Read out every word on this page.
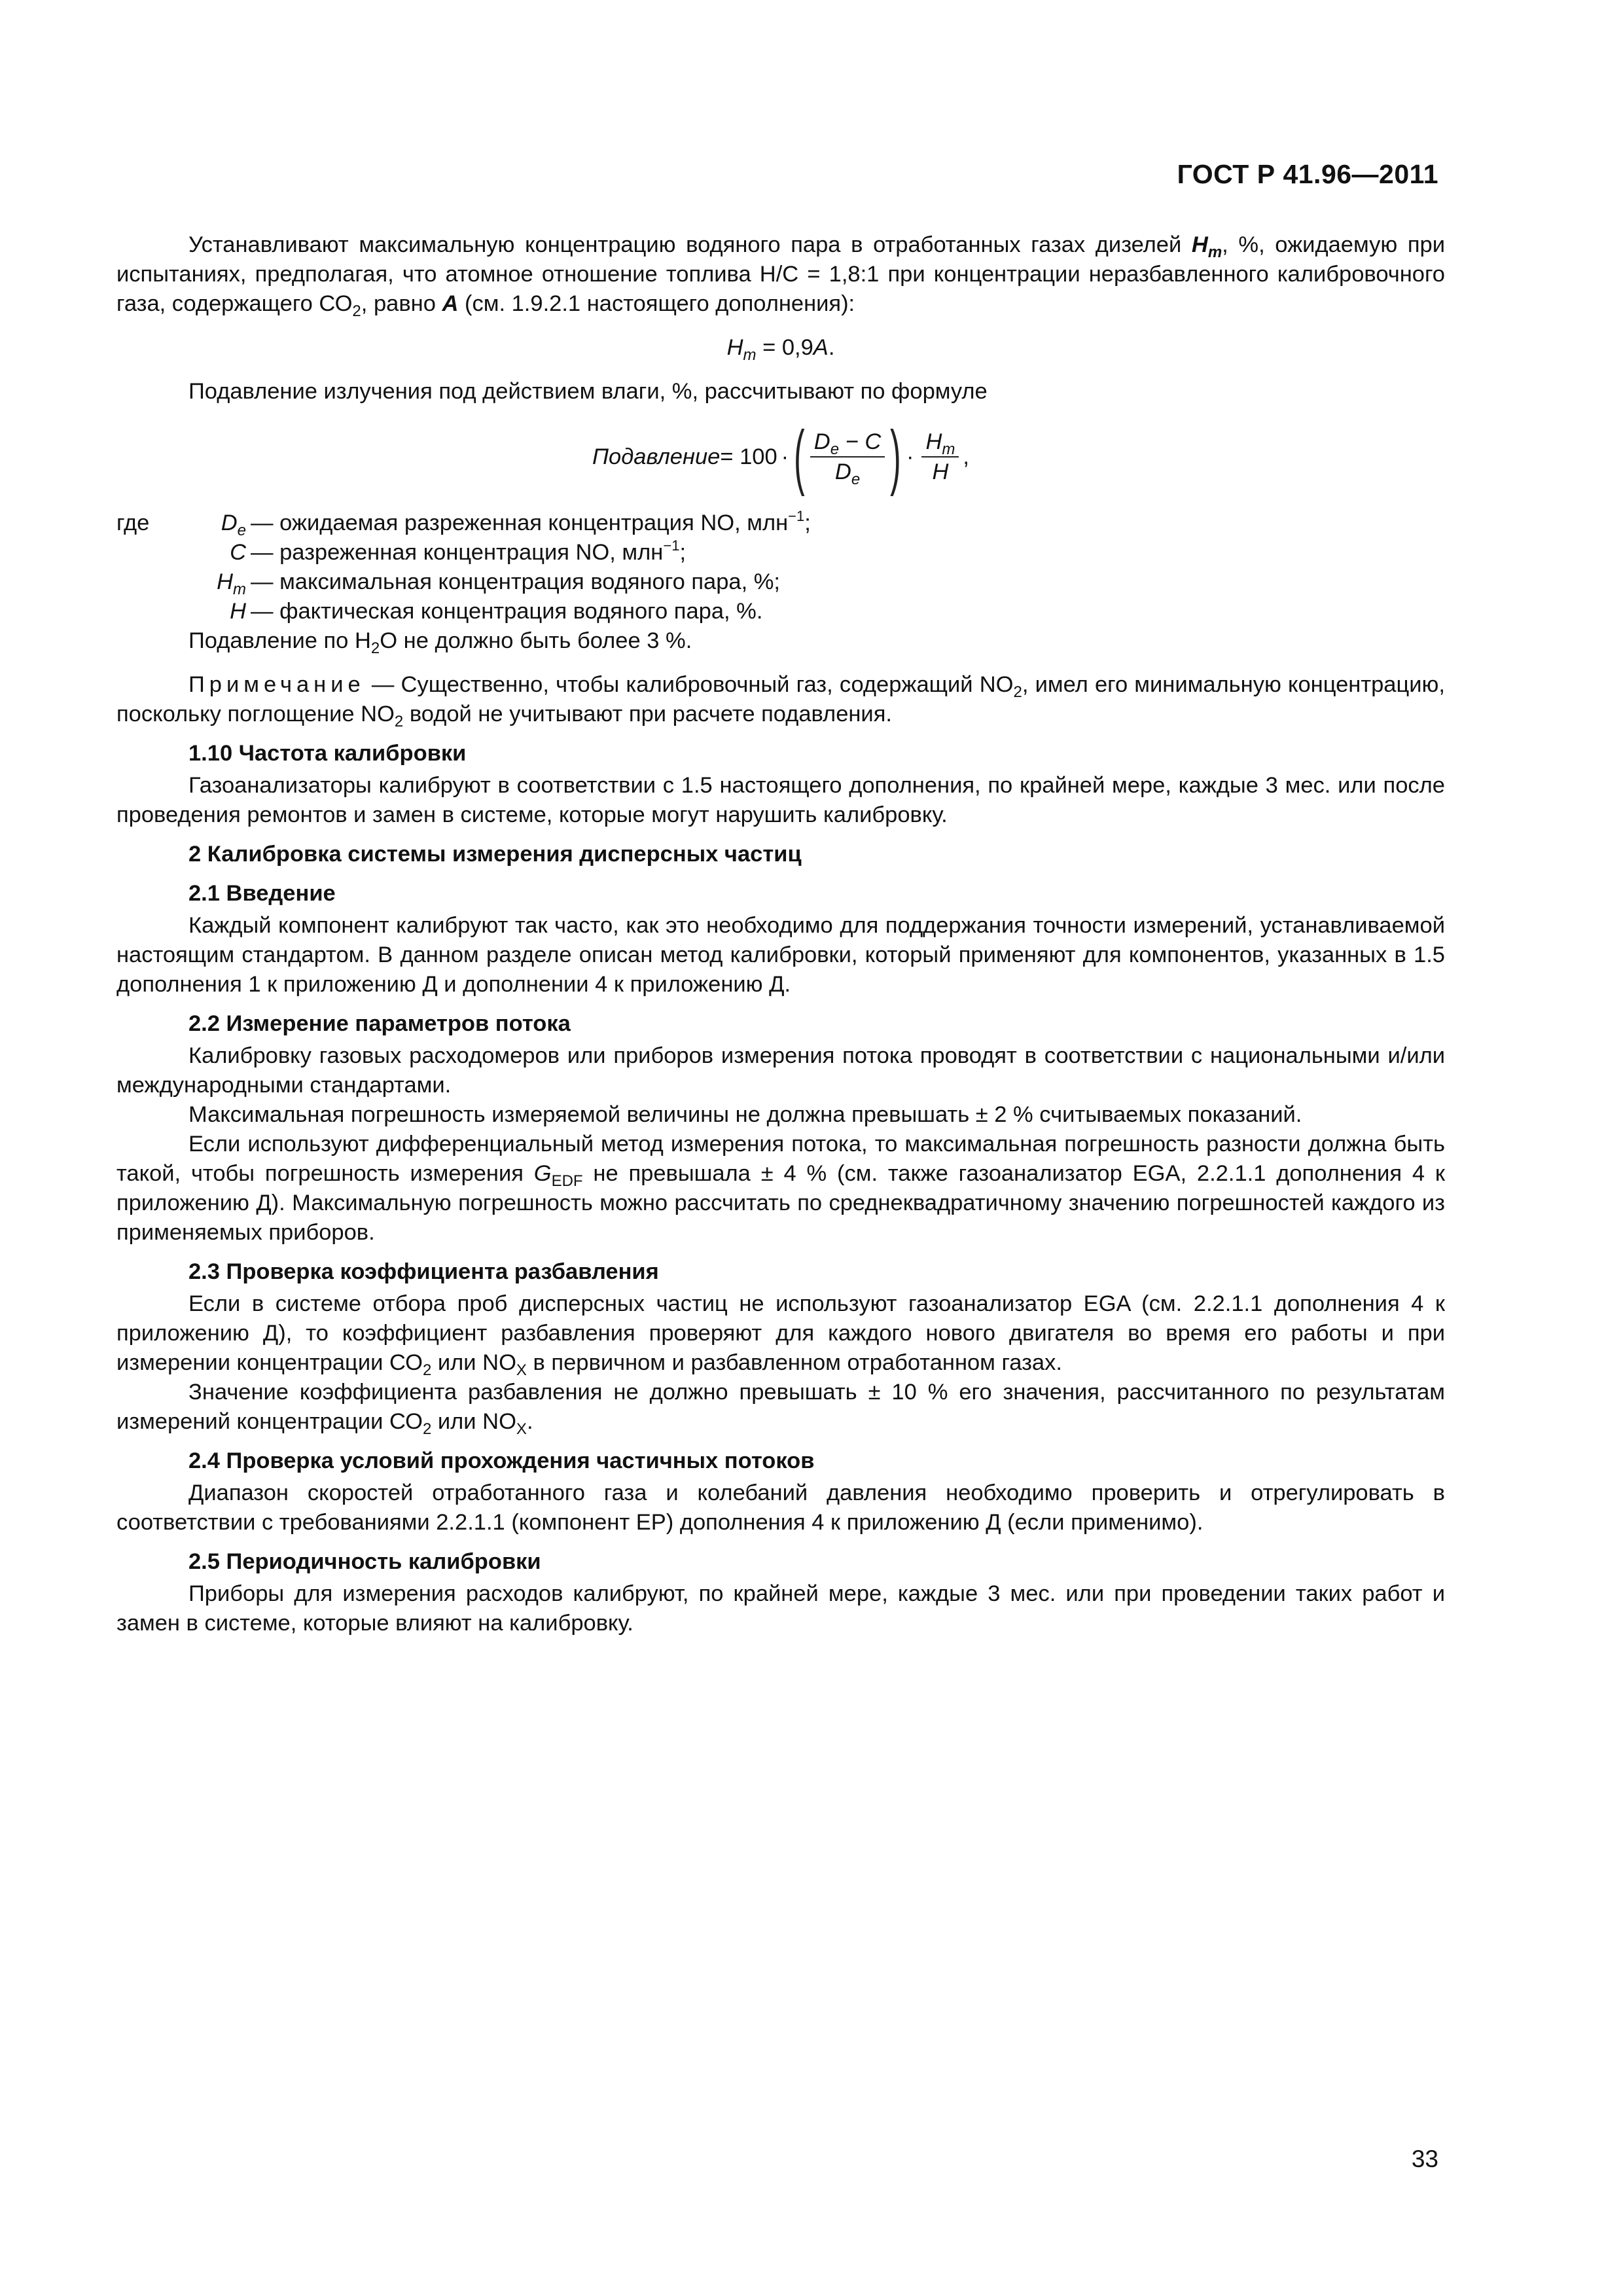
ГОСТ Р 41.96—2011

Устанавливают максимальную концентрацию водяного пара в отработанных газах дизелей $H_m$, %, ожидаемую при испытаниях, предполагая, что атомное отношение топлива Н/С = 1,8:1 при концентрации неразбавленного калибровочного газа, содержащего $СО_2$, равно A (см. 1.9.2.1 настоящего дополнения):

$H_m = 0,9A$.

Подавление излучения под действием влаги, %, рассчитывают по формуле

Подавление = 100 · ( $\frac{D_e - C}{D_e}$ ) · $\frac{H_m}{H}$ ,
где	$D_e$ — ожидаемая разреженная концентрация NO, млн$^{-1}$;
C — разреженная концентрация NO, млн$^{-1}$;
$H_m$ — максимальная концентрация водяного пара, %;
H — фактическая концентрация водяного пара, %.

Подавление по $Н_2О$ не должно быть более 3 %.

Примечание — Существенно, чтобы калибровочный газ, содержащий $NO_2$, имел его минимальную концентрацию, поскольку поглощение $NO_2$ водой не учитывают при расчете подавления.

1.10 Частота калибровки

Газоанализаторы калибруют в соответствии с 1.5 настоящего дополнения, по крайней мере, каждые 3 мес. или после проведения ремонтов и замен в системе, которые могут нарушить калибровку.

2 Калибровка системы измерения дисперсных частиц

2.1 Введение

Каждый компонент калибруют так часто, как это необходимо для поддержания точности измерений, устанавливаемой настоящим стандартом. В данном разделе описан метод калибровки, который применяют для компонентов, указанных в 1.5 дополнения 1 к приложению Д и дополнении 4 к приложению Д.

2.2 Измерение параметров потока

Калибровку газовых расходомеров или приборов измерения потока проводят в соответствии с национальными и/или международными стандартами.

Максимальная погрешность измеряемой величины не должна превышать ± 2 % считываемых показаний.

Если используют дифференциальный метод измерения потока, то максимальная погрешность разности должна быть такой, чтобы погрешность измерения $G_{EDF}$ не превышала ± 4 % (см. также газоанализатор EGA, 2.2.1.1 дополнения 4 к приложению Д). Максимальную погрешность можно рассчитать по среднеквадратичному значению погрешностей каждого из применяемых приборов.

2.3 Проверка коэффициента разбавления

Если в системе отбора проб дисперсных частиц не используют газоанализатор EGA (см. 2.2.1.1 дополнения 4 к приложению Д), то коэффициент разбавления проверяют для каждого нового двигателя во время его работы и при измерении концентрации $СО_2$ или $NO_X$ в первичном и разбавленном отработанном газах.

Значение коэффициента разбавления не должно превышать ± 10 % его значения, рассчитанного по результатам измерений концентрации $СО_2$ или $NO_X$.

2.4 Проверка условий прохождения частичных потоков

Диапазон скоростей отработанного газа и колебаний давления необходимо проверить и отрегулировать в соответствии с требованиями 2.2.1.1 (компонент ЕР) дополнения 4 к приложению Д (если применимо).

2.5 Периодичность калибровки

Приборы для измерения расходов калибруют, по крайней мере, каждые 3 мес. или при проведении таких работ и замен в системе, которые влияют на калибровку.

33
